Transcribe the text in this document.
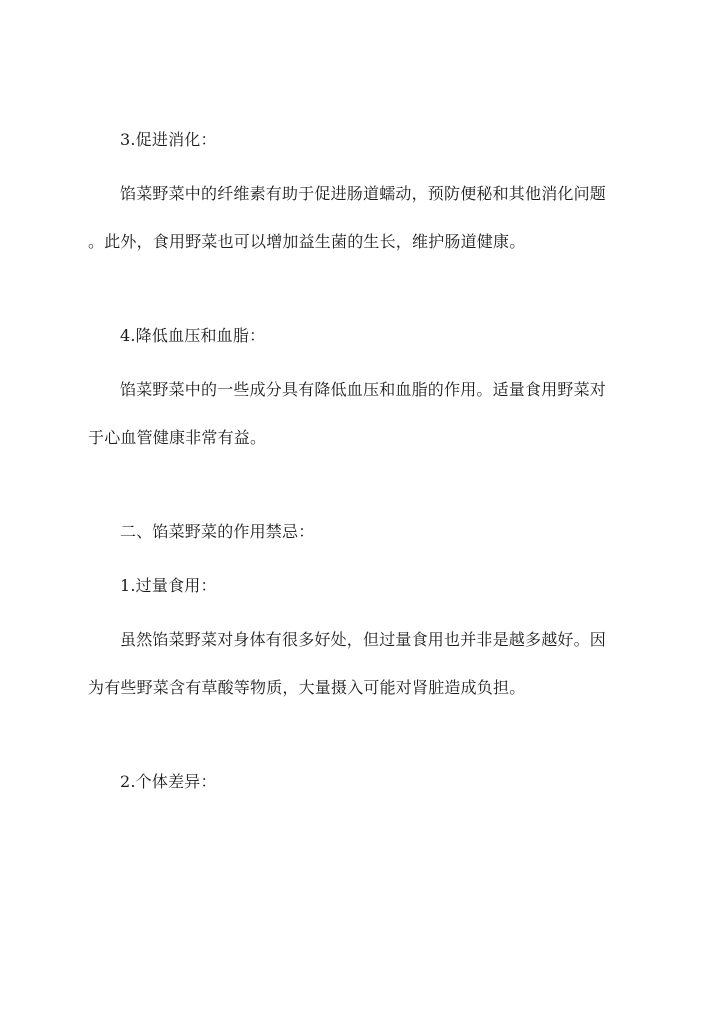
3.促进消化：
馅菜野菜中的纤维素有助于促进肠道蠕动，预防便秘和其他消化问题
。此外，食用野菜也可以增加益生菌的生长，维护肠道健康。
4.降低血压和血脂：
馅菜野菜中的一些成分具有降低血压和血脂的作用。适量食用野菜对
于心血管健康非常有益。
二、馅菜野菜的作用禁忌：
1.过量食用：
虽然馅菜野菜对身体有很多好处，但过量食用也并非是越多越好。因
为有些野菜含有草酸等物质，大量摄入可能对肾脏造成负担。
2.个体差异：
